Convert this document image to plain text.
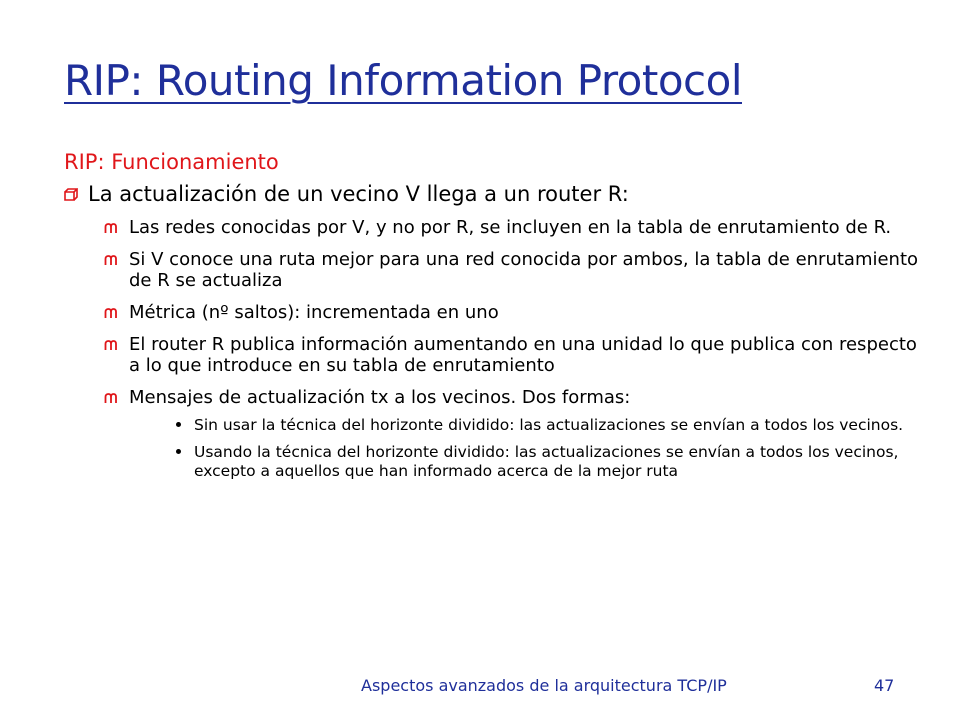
RIP: Routing Information Protocol
RIP: Funcionamiento
La actualización de un vecino V llega a un router R:
Las redes conocidas por V, y no por R, se incluyen en la tabla de enrutamiento de R.
Si V conoce una ruta mejor para una red conocida por ambos, la tabla de enrutamiento de R se actualiza
Métrica (nº saltos): incrementada en uno
El router R publica información aumentando en una unidad lo que publica con respecto a lo que introduce en su tabla de enrutamiento
Mensajes de actualización tx a los vecinos. Dos formas:
Sin usar la técnica del horizonte dividido: las actualizaciones se envían a todos los vecinos.
Usando la técnica del horizonte dividido: las actualizaciones se envían a todos los vecinos, excepto a aquellos que han informado acerca de la mejor ruta
Aspectos avanzados de la arquitectura TCP/IP	47
